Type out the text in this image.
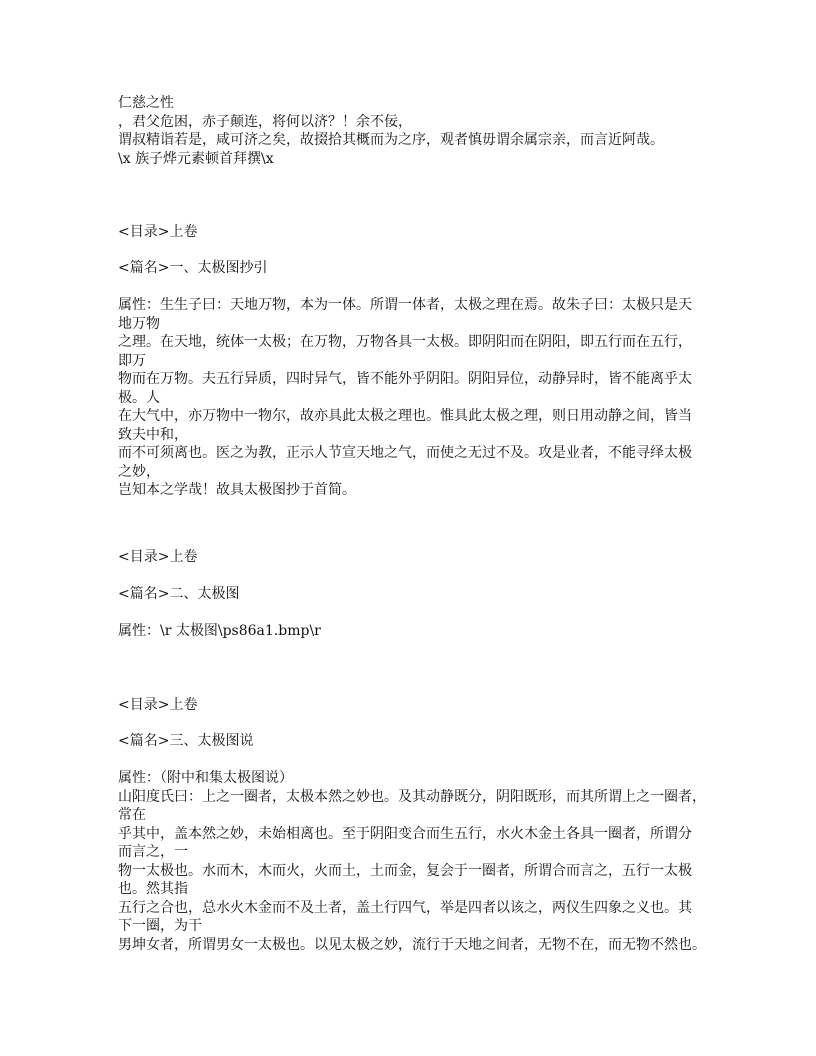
仁慈之性
，君父危困，赤子颠连，将何以济？！余不佞，
谓叔精诣若是，咸可济之矣，故掇拾其概而为之序，观者慎毋谓余属宗亲，而言近阿哉。
\x 族子烨元素顿首拜撰\x
<目录>上卷
<篇名>一、太极图抄引
属性：生生子曰：天地万物，本为一体。所谓一体者，太极之理在焉。故朱子曰：太极只是天
地万物
之理。在天地，统体一太极；在万物，万物各具一太极。即阴阳而在阴阳，即五行而在五行，
即万
物而在万物。夫五行异质，四时异气，皆不能外乎阴阳。阴阳异位，动静异时，皆不能离乎太
极。人
在大气中，亦万物中一物尔，故亦具此太极之理也。惟具此太极之理，则日用动静之间，皆当
致夫中和，
而不可须离也。医之为教，正示人节宣天地之气，而使之无过不及。攻是业者，不能寻绎太极
之妙，
岂知本之学哉！故具太极图抄于首简。
<目录>上卷
<篇名>二、太极图
属性：\r 太极图\ps86a1.bmp\r
<目录>上卷
<篇名>三、太极图说
属性：（附中和集太极图说）
山阳度氏曰：上之一圈者，太极本然之妙也。及其动静既分，阴阳既形，而其所谓上之一圈者，
常在
乎其中，盖本然之妙，未始相离也。至于阴阳变合而生五行，水火木金土各具一圈者，所谓分
而言之，一
物一太极也。水而木，木而火，火而土，土而金，复会于一圈者，所谓合而言之，五行一太极
也。然其指
五行之合也，总水火木金而不及土者，盖土行四气，举是四者以该之，两仪生四象之义也。其
下一圈，为干
男坤女者，所谓男女一太极也。以见太极之妙，流行于天地之间者，无物不在，而无物不然也。
